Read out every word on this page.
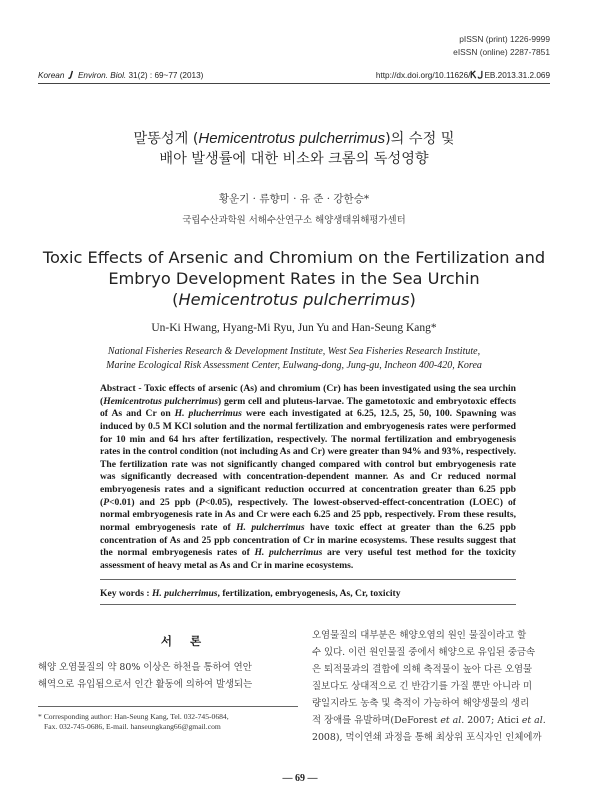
pISSN (print) 1226-9999
eISSN (online) 2287-7851
Korean Environ. Biol. 31(2) : 69~77 (2013)	http://dx.doi.org/10.11626/ EB.2013.31.2.069
말똥성게 (Hemicentrotus pulcherrimus)의 수정 및
배아 발생률에 대한 비소와 크롬의 독성영향
황운기 · 류향미 · 유 준 · 강한승*
국립수산과학원 서해수산연구소 해양생태위해평가센터
Toxic Effects of Arsenic and Chromium on the Fertilization and
Embryo Development Rates in the Sea Urchin
(Hemicentrotus pulcherrimus)
Un-Ki Hwang, Hyang-Mi Ryu, Jun Yu and Han-Seung Kang*
National Fisheries Research & Development Institute, West Sea Fisheries Research Institute,
Marine Ecological Risk Assessment Center, Eulwang-dong, Jung-gu, Incheon 400-420, Korea
Abstract - Toxic effects of arsenic (As) and chromium (Cr) has been investigated using the sea urchin (Hemicentrotus pulcherrimus) germ cell and pluteus-larvae. The gametotoxic and embryotoxic effects of As and Cr on H. plucherrimus were each investigated at 6.25, 12.5, 25, 50, 100. Spawning was induced by 0.5 M KCl solution and the normal fertilization and embryogenesis rates were performed for 10 min and 64 hrs after fertilization, respectively. The normal fertilization and embryogenesis rates in the control condition (not including As and Cr) were greater than 94% and 93%, respectively. The fertilization rate was not significantly changed compared with control but embryogenesis rate was significantly decreased with concentration-dependent manner. As and Cr reduced normal embryogenesis rates and a significant reduction occurred at concentration greater than 6.25 ppb (P<0.01) and 25 ppb (P<0.05), respectively. The lowest-observed-effect-concentration (LOEC) of normal embryogenesis rate in As and Cr were each 6.25 and 25 ppb, respectively. From these results, normal embryogenesis rate of H. pulcherrimus have toxic effect at greater than the 6.25 ppb concentration of As and 25 ppb concentration of Cr in marine ecosystems. These results suggest that the normal embryogenesis rates of H. pulcherrimus are very useful test method for the toxicity assessment of heavy metal as As and Cr in marine ecosystems.
Key words : H. pulcherrimus, fertilization, embryogenesis, As, Cr, toxicity
서론
해양 오염물질의 약 80% 이상은 하천을 통하여 연안
해역으로 유입됨으로서 인간 활동에 의하여 발생되는
오염물질의 대부분은 해양오염의 원인 물질이라고 할
수 있다. 이런 원인물질 중에서 해양으로 유입된 중금속
은 퇴적물과의 결합에 의해 축적물이 높아 다른 오염물
질보다도 상대적으로 긴 반감기를 가질 뿐만 아니라 미
량일지라도 농축 및 축적이 가능하여 해양생물의 생리
적 장애를 유발하며(DeForest et al. 2007; Atici et al.
2008), 먹이연쇄 과정을 통해 최상위 포식자인 인체에까
* Corresponding author: Han-Seung Kang, Tel. 032-745-0684,
Fax. 032-745-0686, E-mail. hanseungkang66@gmail.com
— 69 —
